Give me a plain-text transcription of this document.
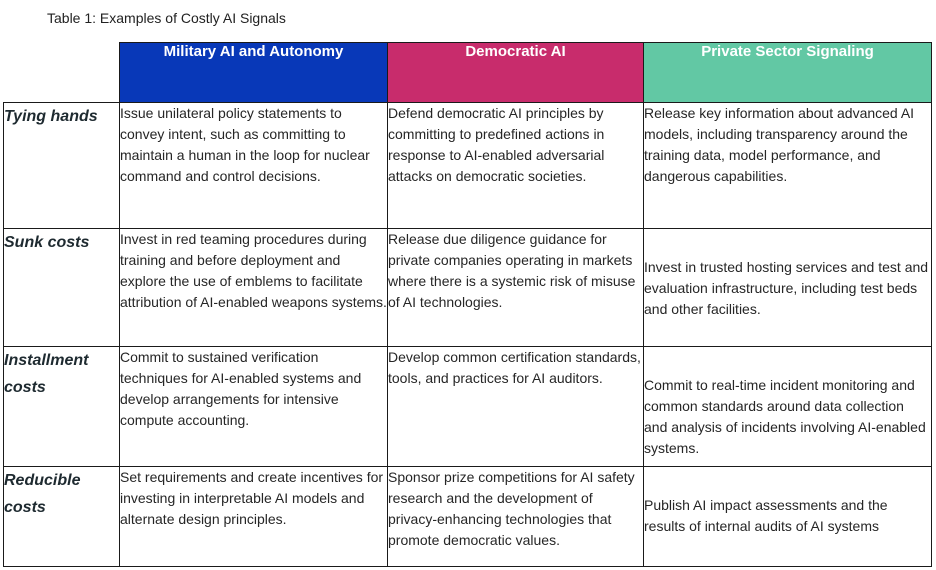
Table 1: Examples of Costly AI Signals
	Military AI and Autonomy	Democratic AI	Private Sector Signaling
Tying hands	Issue unilateral policy statements to convey intent, such as committing to maintain a human in the loop for nuclear command and control decisions.	Defend democratic AI principles by committing to predefined actions in response to AI-enabled adversarial attacks on democratic societies.	Release key information about advanced AI models, including transparency around the training data, model performance, and dangerous capabilities.
Sunk costs	Invest in red teaming procedures during training and before deployment and explore the use of emblems to facilitate attribution of AI-enabled weapons systems.	Release due diligence guidance for private companies operating in markets where there is a systemic risk of misuse of AI technologies.	Invest in trusted hosting services and test and evaluation infrastructure, including test beds and other facilities.
Installment costs	Commit to sustained verification techniques for AI-enabled systems and develop arrangements for intensive compute accounting.	Develop common certification standards, tools, and practices for AI auditors.	Commit to real-time incident monitoring and common standards around data collection and analysis of incidents involving AI-enabled systems.
Reducible costs	Set requirements and create incentives for investing in interpretable AI models and alternate design principles.	Sponsor prize competitions for AI safety research and the development of privacy-enhancing technologies that promote democratic values.	Publish AI impact assessments and the results of internal audits of AI systems
